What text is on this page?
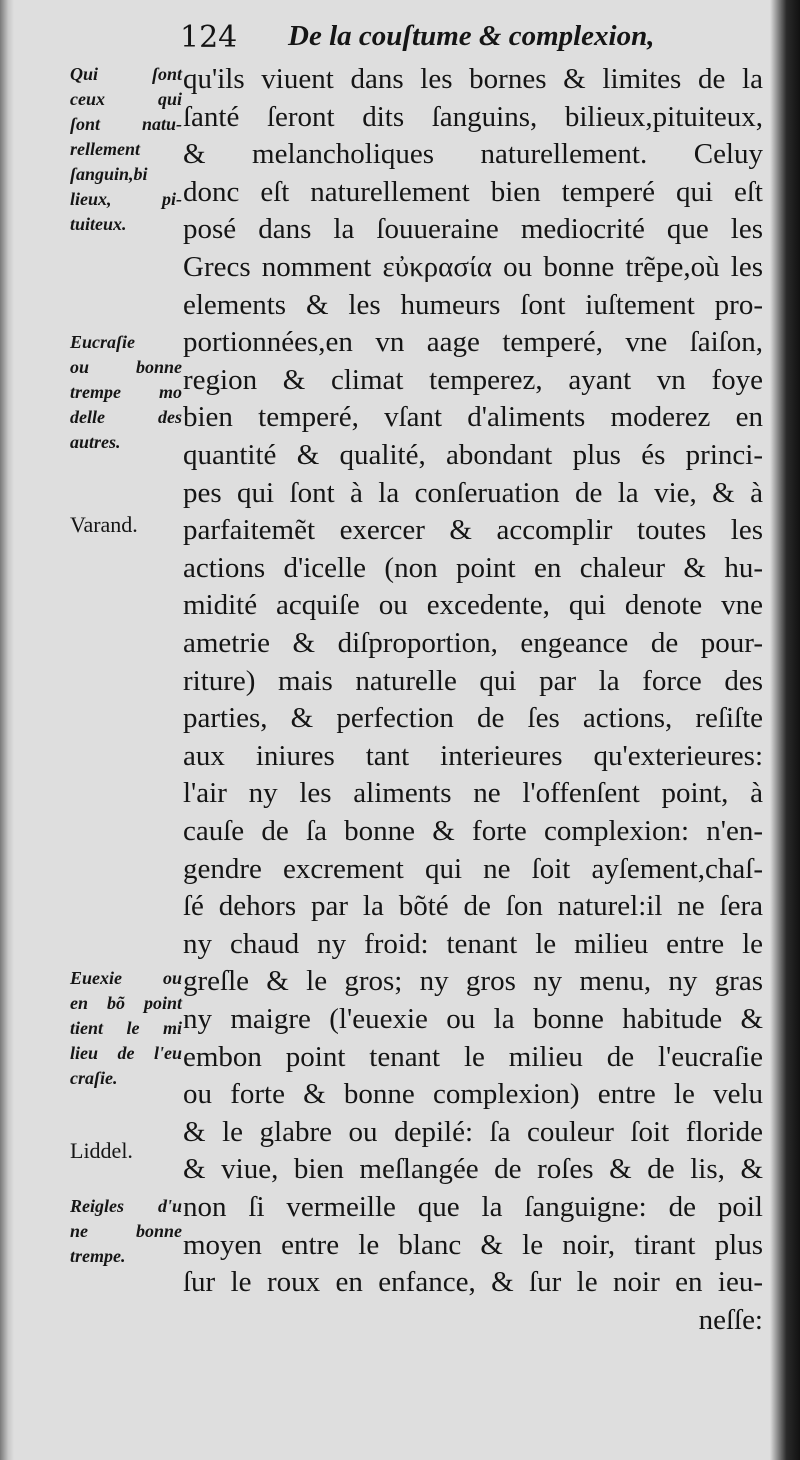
124 De la couſtume & complexion,
qu'ils viuent dans les bornes & limites de la
ſanté ſeront dits ſanguins, bilieux,pituiteux,
& melancholiques naturellement. Celuy
donc eſt naturellement bien temperé qui eſt
posé dans la ſouueraine mediocrité que les
Grecs nomment εὐκρασία ou bonne trẽpe,où les
elements & les humeurs ſont iuſtement pro-
portionnées,en vn aage temperé, vne ſaiſon,
region & climat temperez, ayant vn foye
bien temperé, vſant d'aliments moderez en
quantité & qualité, abondant plus és princi-
pes qui ſont à la conſeruation de la vie, & à
parfaitemẽt exercer & accomplir toutes les
actions d'icelle (non point en chaleur & hu-
midité acquiſe ou excedente, qui denote vne
ametrie & diſproportion, engeance de pour-
riture) mais naturelle qui par la force des
parties, & perfection de ſes actions, reſiſte
aux iniures tant interieures qu'exterieures:
l'air ny les aliments ne l'offenſent point, à
cauſe de ſa bonne & forte complexion: n'en-
gendre excrement qui ne ſoit ayſement,chaſ-
ſé dehors par la bõté de ſon naturel:il ne ſera
ny chaud ny froid: tenant le milieu entre le
greſle & le gros; ny gros ny menu, ny gras
ny maigre (l'euexie ou la bonne habitude &
embon point tenant le milieu de l'eucraſie
ou forte & bonne complexion) entre le velu
& le glabre ou depilé: ſa couleur ſoit floride
& viue, bien meſlangée de roſes & de lis, &
non ſi vermeille que la ſanguigne: de poil
moyen entre le blanc & le noir, tirant plus
ſur le roux en enfance, & ſur le noir en ieu-
neſſe:
Qui ſont
ceux qui
ſont natu-
rellement
ſanguin,bi
lieux, pi-
tuiteux.
Eucraſie
ou bonne
trempe mo
delle des
autres.
Varand.
Euexie ou
en bõ point
tient le mi
lieu de l'eu
craſie.
Liddel.
Reigles d'u
ne bonne
trempe.
